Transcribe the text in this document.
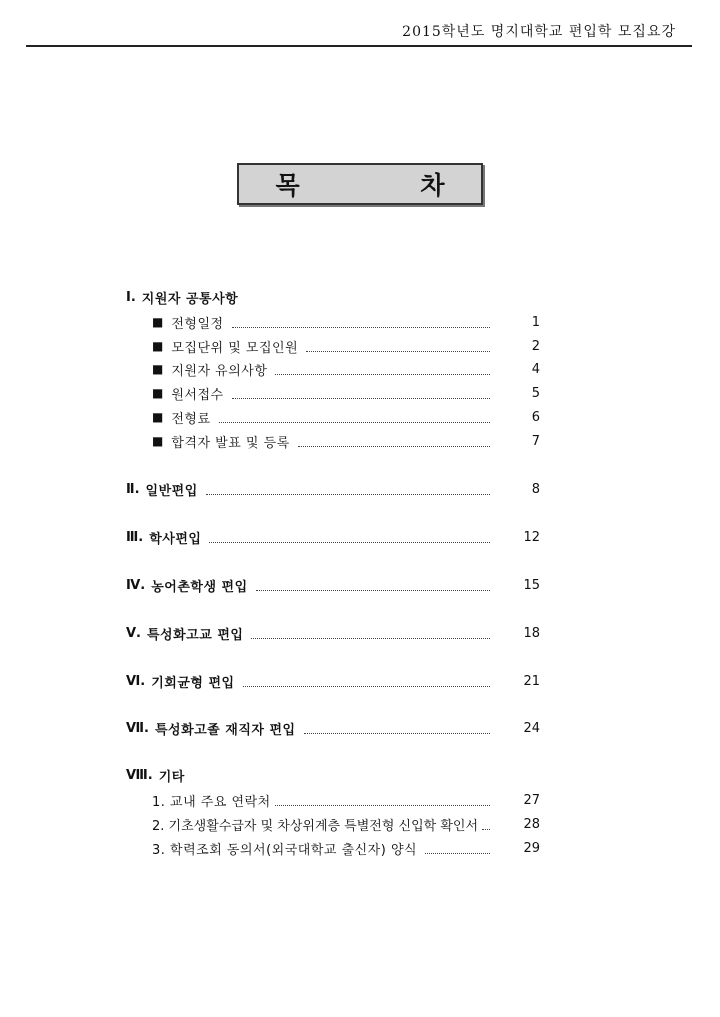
2015학년도 명지대학교 편입학 모집요강
목 차
Ⅰ. 지원자 공통사항
■ 전형일정	1
■ 모집단위 및 모집인원	2
■ 지원자 유의사항	4
■ 원서접수	5
■ 전형료	6
■ 합격자 발표 및 등록	7
Ⅱ. 일반편입	8
Ⅲ. 학사편입	12
Ⅳ. 농어촌학생 편입	15
Ⅴ. 특성화고교 편입	18
Ⅵ. 기회균형 편입	21
Ⅶ. 특성화고졸 재직자 편입	24
Ⅷ. 기타
1. 교내 주요 연락처	27
2. 기초생활수급자 및 차상위계층 특별전형 신입학 확인서	28
3. 학력조회 동의서(외국대학교 출신자) 양식	29
